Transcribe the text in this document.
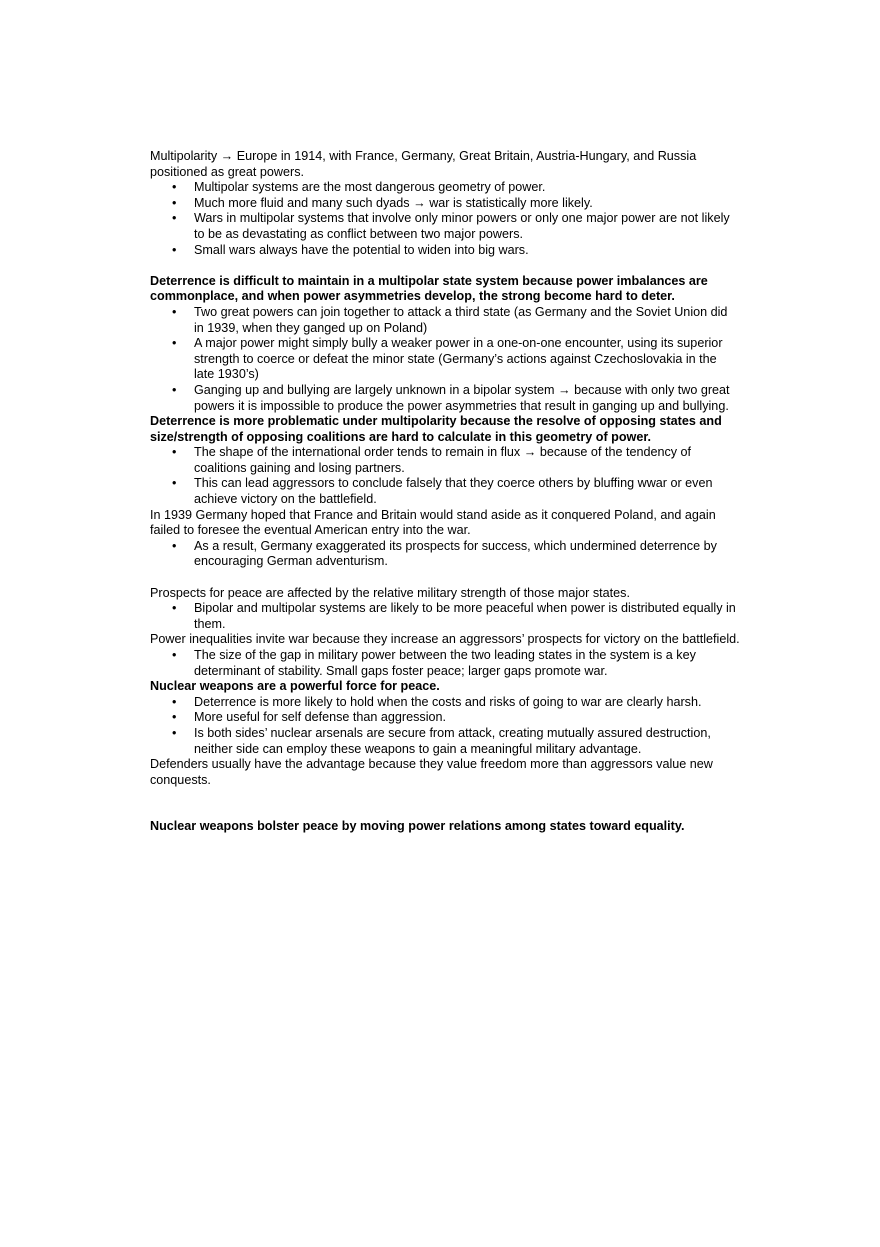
Multipolarity → Europe in 1914, with France, Germany, Great Britain, Austria-Hungary, and Russia positioned as great powers.

• Multipolar systems are the most dangerous geometry of power.
• Much more fluid and many such dyads → war is statistically more likely.
• Wars in multipolar systems that involve only minor powers or only one major power are not likely to be as devastating as conflict between two major powers.
• Small wars always have the potential to widen into big wars.

Deterrence is difficult to maintain in a multipolar state system because power imbalances are commonplace, and when power asymmetries develop, the strong become hard to deter.

• Two great powers can join together to attack a third state (as Germany and the Soviet Union did in 1939, when they ganged up on Poland)
• A major power might simply bully a weaker power in a one-on-one encounter, using its superior strength to coerce or defeat the minor state (Germany’s actions against Czechoslovakia in the late 1930’s)
• Ganging up and bullying are largely unknown in a bipolar system → because with only two great powers it is impossible to produce the power asymmetries that result in ganging up and bullying.

Deterrence is more problematic under multipolarity because the resolve of opposing states and size/strength of opposing coalitions are hard to calculate in this geometry of power.

• The shape of the international order tends to remain in flux → because of the tendency of coalitions gaining and losing partners.
• This can lead aggressors to conclude falsely that they coerce others by bluffing wwar or even achieve victory on the battlefield.

In 1939 Germany hoped that France and Britain would stand aside as it conquered Poland, and again failed to foresee the eventual American entry into the war.

• As a result, Germany exaggerated its prospects for success, which undermined deterrence by encouraging German adventurism.

Prospects for peace are affected by the relative military strength of those major states.

• Bipolar and multipolar systems are likely to be more peaceful when power is distributed equally in them.

Power inequalities invite war because they increase an aggressors’ prospects for victory on the battlefield.

• The size of the gap in military power between the two leading states in the system is a key determinant of stability. Small gaps foster peace; larger gaps promote war.

Nuclear weapons are a powerful force for peace.

• Deterrence is more likely to hold when the costs and risks of going to war are clearly harsh.
• More useful for self defense than aggression.
• Is both sides’ nuclear arsenals are secure from attack, creating mutually assured destruction, neither side can employ these weapons to gain a meaningful military advantage.

Defenders usually have the advantage because they value freedom more than aggressors value new conquests.

Nuclear weapons bolster peace by moving power relations among states toward equality.
